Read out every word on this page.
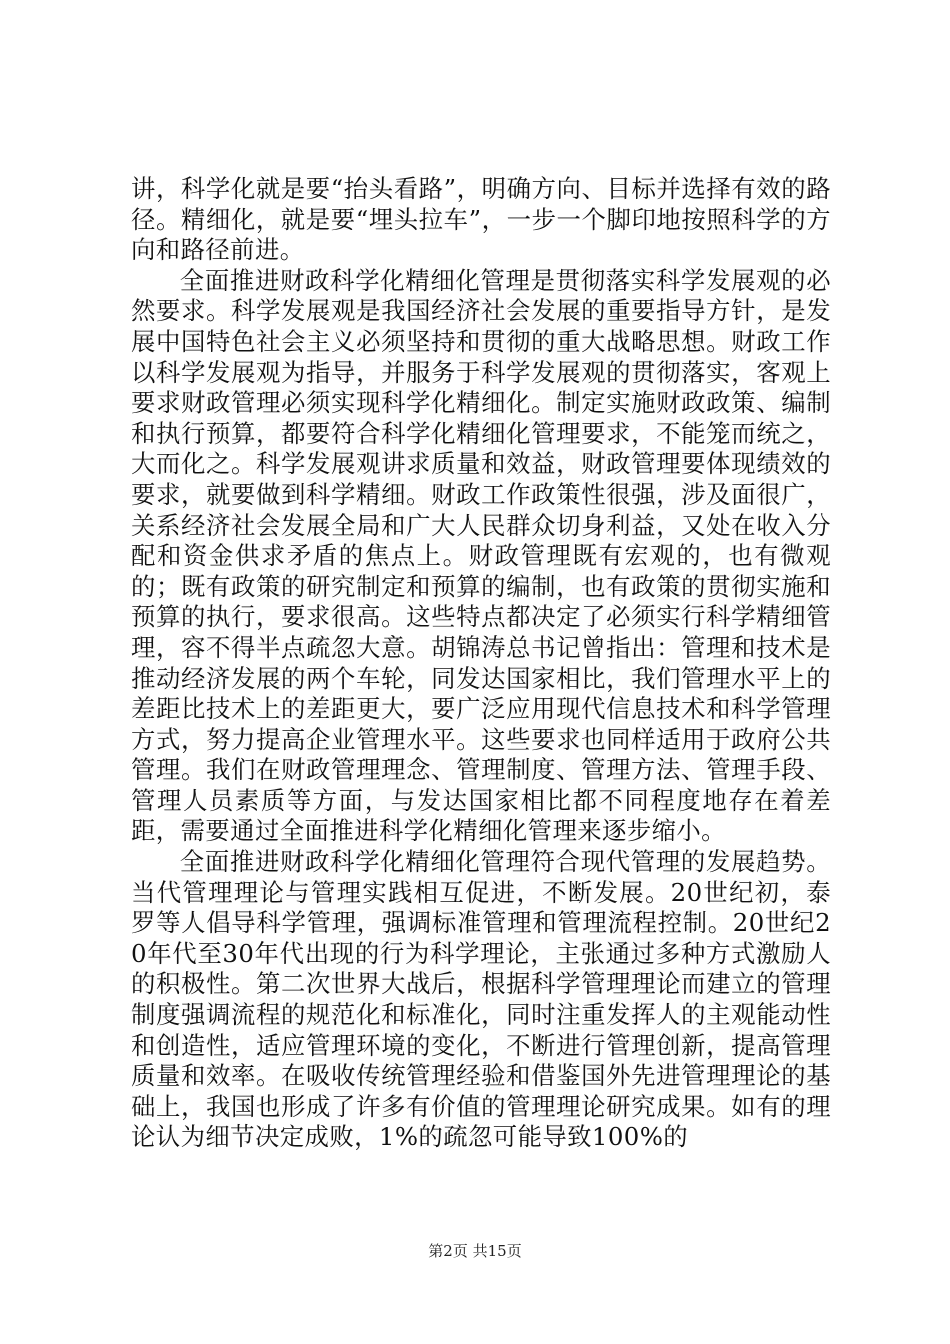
讲，科学化就是要“抬头看路”，明确方向、目标并选择有效的路径。精细化，就是要“埋头拉车”，一步一个脚印地按照科学的方向和路径前进。

全面推进财政科学化精细化管理是贯彻落实科学发展观的必然要求。科学发展观是我国经济社会发展的重要指导方针，是发展中国特色社会主义必须坚持和贯彻的重大战略思想。财政工作以科学发展观为指导，并服务于科学发展观的贯彻落实，客观上要求财政管理必须实现科学化精细化。制定实施财政政策、编制和执行预算，都要符合科学化精细化管理要求，不能笼而统之，大而化之。科学发展观讲求质量和效益，财政管理要体现绩效的要求，就要做到科学精细。财政工作政策性很强，涉及面很广，关系经济社会发展全局和广大人民群众切身利益，又处在收入分配和资金供求矛盾的焦点上。财政管理既有宏观的，也有微观的；既有政策的研究制定和预算的编制，也有政策的贯彻实施和预算的执行，要求很高。这些特点都决定了必须实行科学精细管理，容不得半点疏忽大意。胡锦涛总书记曾指出：管理和技术是推动经济发展的两个车轮，同发达国家相比，我们管理水平上的差距比技术上的差距更大，要广泛应用现代信息技术和科学管理方式，努力提高企业管理水平。这些要求也同样适用于政府公共管理。我们在财政管理理念、管理制度、管理方法、管理手段、管理人员素质等方面，与发达国家相比都不同程度地存在着差距，需要通过全面推进科学化精细化管理来逐步缩小。

全面推进财政科学化精细化管理符合现代管理的发展趋势。当代管理理论与管理实践相互促进，不断发展。20世纪初，泰罗等人倡导科学管理，强调标准管理和管理流程控制。20世纪20年代至30年代出现的行为科学理论，主张通过多种方式激励人的积极性。第二次世界大战后，根据科学管理理论而建立的管理制度强调流程的规范化和标准化，同时注重发挥人的主观能动性和创造性，适应管理环境的变化，不断进行管理创新，提高管理质量和效率。在吸收传统管理经验和借鉴国外先进管理理论的基础上，我国也形成了许多有价值的管理理论研究成果。如有的理论认为细节决定成败，1%的疏忽可能导致100%的

第2页 共15页
